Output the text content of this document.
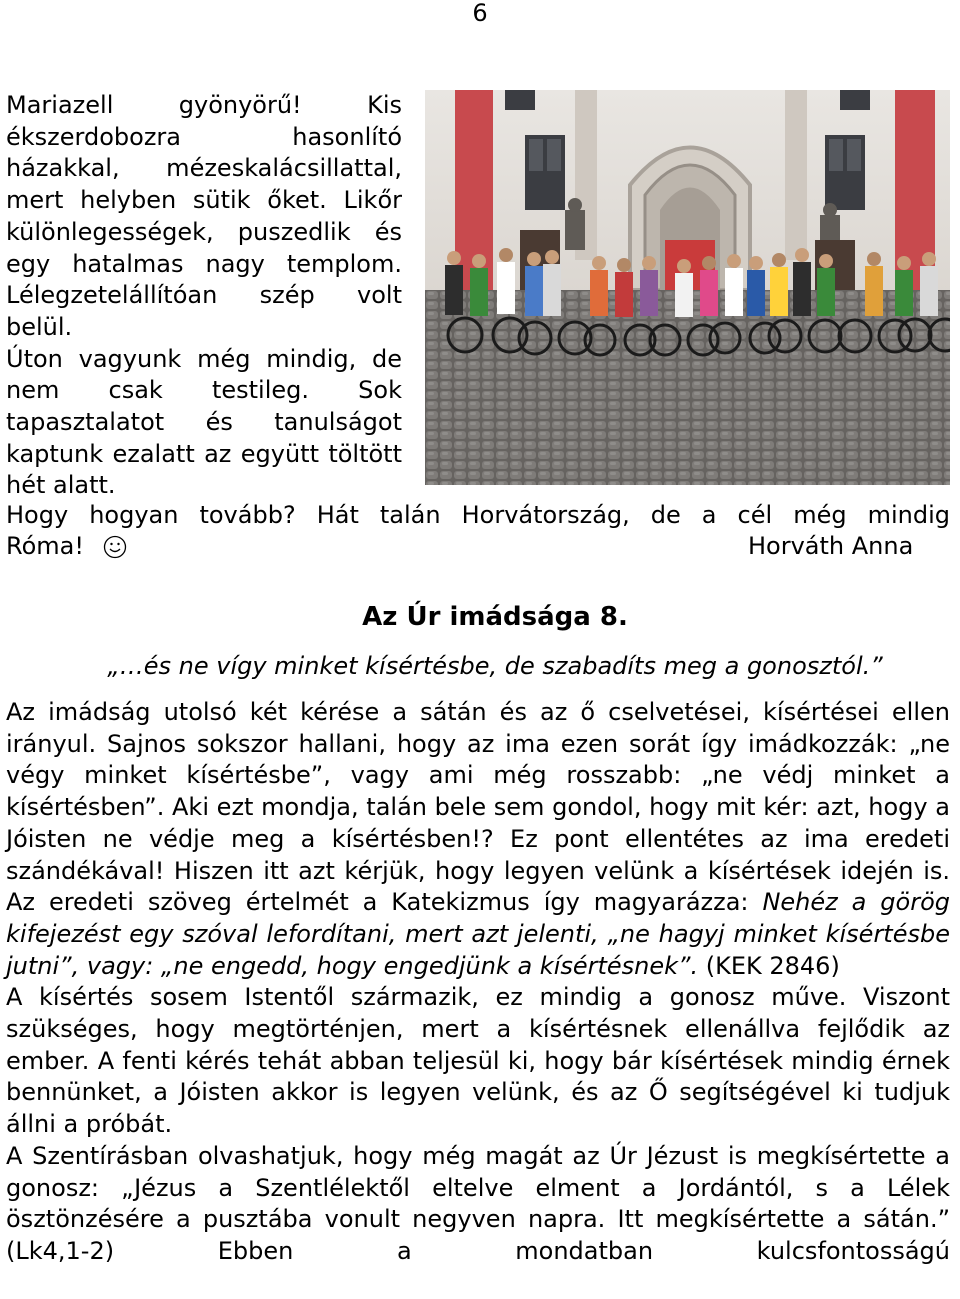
6

Mariazell gyönyörű! Kis ékszerdobozra hasonlító házakkal, mézeskalácsillattal, mert helyben sütik őket. Likőr különlegességek, puszedlik és egy hatalmas nagy templom. Lélegzetelállítóan szép volt belül.

Úton vagyunk még mindig, de nem csak testileg. Sok tapasztalatot és tanulságot kaptunk ezalatt az együtt töltött hét alatt.

Hogy hogyan tovább? Hát talán Horvátország, de a cél még mindig

Róma!	Horváth Anna
Az Úr imádsága 8.
„…és ne vígy minket kísértésbe, de szabadíts meg a gonosztól.”

Az imádság utolsó két kérése a sátán és az ő cselvetései, kísértései ellen irányul. Sajnos sokszor hallani, hogy az ima ezen sorát így imádkozzák: „ne végy minket kísértésbe”, vagy ami még rosszabb: „ne védj minket a kísértésben”. Aki ezt mondja, talán bele sem gondol, hogy mit kér: azt, hogy a Jóisten ne védje meg a kísértésben!? Ez pont ellentétes az ima eredeti szándékával! Hiszen itt azt kérjük, hogy legyen velünk a kísértések idején is. Az eredeti szöveg értelmét a Katekizmus így magyarázza: Nehéz a görög kifejezést egy szóval lefordítani, mert azt jelenti, „ne hagyj minket kísértésbe jutni”, vagy: „ne engedd, hogy engedjünk a kísértésnek”. (KEK 2846)

A kísértés sosem Istentől származik, ez mindig a gonosz műve. Viszont szükséges, hogy megtörténjen, mert a kísértésnek ellenállva fejlődik az ember. A fenti kérés tehát abban teljesül ki, hogy bár kísértések mindig érnek bennünket, a Jóisten akkor is legyen velünk, és az Ő segítségével ki tudjuk állni a próbát.

A Szentírásban olvashatjuk, hogy még magát az Úr Jézust is megkísértette a gonosz: „Jézus a Szentlélektől eltelve elment a Jordántól, s a Lélek ösztönzésére a pusztába vonult negyven napra. Itt megkísértette a sátán.” (Lk4,1-2) Ebben a mondatban kulcsfontosságú
